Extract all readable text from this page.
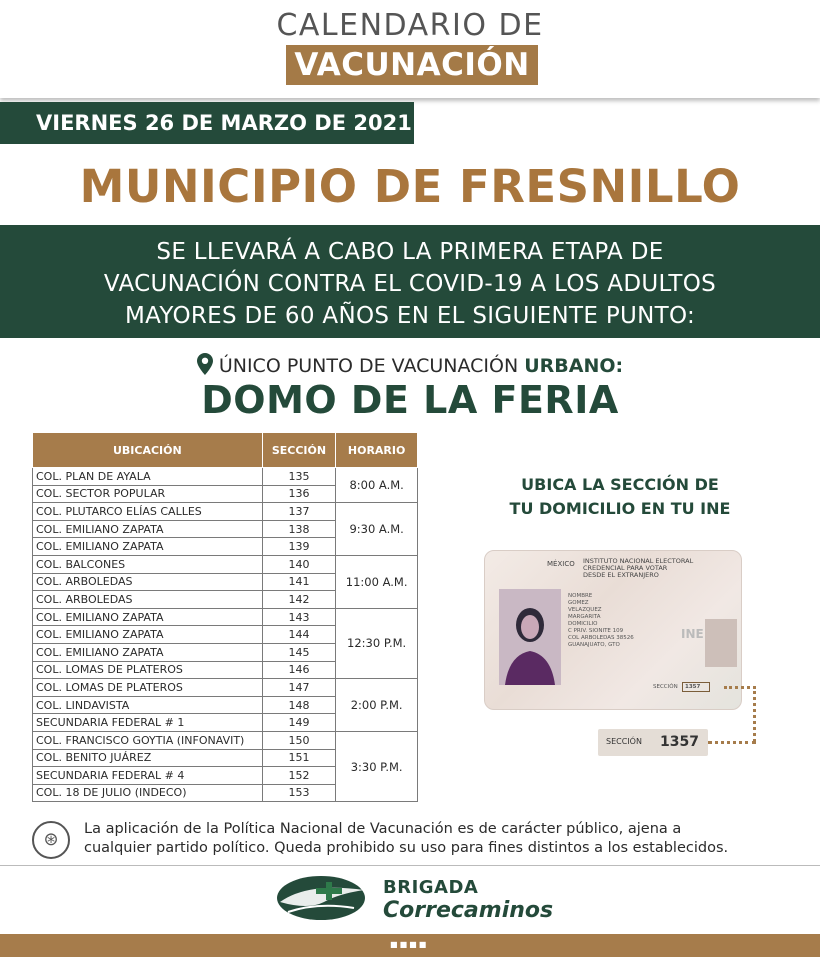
CALENDARIO DE
VACUNACIÓN
VIERNES 26 DE MARZO DE 2021
MUNICIPIO DE FRESNILLO
SE LLEVARÁ A CABO LA PRIMERA ETAPA DE
VACUNACIÓN CONTRA EL COVID-19 A LOS ADULTOS
MAYORES DE 60 AÑOS EN EL SIGUIENTE PUNTO:
ÚNICO PUNTO DE VACUNACIÓN URBANO:
DOMO DE LA FERIA
UBICACIÓN	SECCIÓN	HORARIO
COL. PLAN DE AYALA	135	8:00 A.M.
COL. SECTOR POPULAR	136	
COL. PLUTARCO ELÍAS CALLES	137	9:30 A.M.
COL. EMILIANO ZAPATA	138	
COL. EMILIANO ZAPATA	139	
COL. BALCONES	140	11:00 A.M.
COL. ARBOLEDAS	141	
COL. ARBOLEDAS	142	
COL. EMILIANO ZAPATA	143	12:30 P.M.
COL. EMILIANO ZAPATA	144	
COL. EMILIANO ZAPATA	145	
COL. LOMAS DE PLATEROS	146	
COL. LOMAS DE PLATEROS	147	2:00 P.M.
COL. LINDAVISTA	148	
SECUNDARIA FEDERAL # 1	149	
COL. FRANCISCO GOYTIA (INFONAVIT)	150	3:30 P.M.
COL. BENITO JUÁREZ	151	
SECUNDARIA FEDERAL # 4	152	
COL. 18 DE JULIO (INDECO)	153	
UBICA LA SECCIÓN DE
TU DOMICILIO EN TU INE
MÉXICO INSTITUTO NACIONAL ELECTORAL
CREDENCIAL PARA VOTAR
DESDE EL EXTRANJERO
NOMBRE
GOMEZ
VELAZQUEZ
MARGARITA
DOMICILIO
C PRIV. SIONITE 109
COL ARBOLEDAS 38526
GUANAJUATO, GTO
INE
SECCIÓN 1357
SECCIÓN 1357
⊛	La aplicación de la Política Nacional de Vacunación es de carácter público, ajena a
cualquier partido político. Queda prohibido su uso para fines distintos a los establecidos.
BRIGADA
Correcaminos
■■■■
